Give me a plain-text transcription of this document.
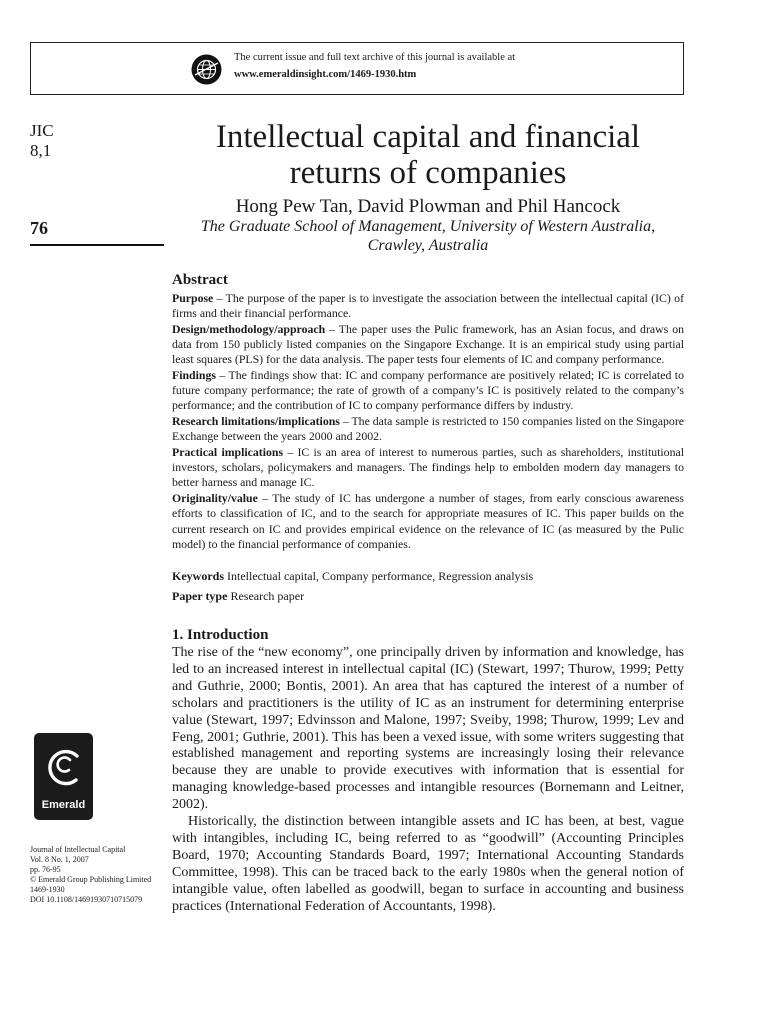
The current issue and full text archive of this journal is available at
www.emeraldinsight.com/1469-1930.htm
JIC
8,1
76
Intellectual capital and financial
returns of companies
Hong Pew Tan, David Plowman and Phil Hancock
The Graduate School of Management, University of Western Australia,
Crawley, Australia
Abstract

Purpose – The purpose of the paper is to investigate the association between the intellectual capital (IC) of firms and their financial performance.

Design/methodology/approach – The paper uses the Pulic framework, has an Asian focus, and draws on data from 150 publicly listed companies on the Singapore Exchange. It is an empirical study using partial least squares (PLS) for the data analysis. The paper tests four elements of IC and company performance.

Findings – The findings show that: IC and company performance are positively related; IC is correlated to future company performance; the rate of growth of a company’s IC is positively related to the company’s performance; and the contribution of IC to company performance differs by industry.

Research limitations/implications – The data sample is restricted to 150 companies listed on the Singapore Exchange between the years 2000 and 2002.

Practical implications – IC is an area of interest to numerous parties, such as shareholders, institutional investors, scholars, policymakers and managers. The findings help to embolden modern day managers to better harness and manage IC.

Originality/value – The study of IC has undergone a number of stages, from early conscious awareness efforts to classification of IC, and to the search for appropriate measures of IC. This paper builds on the current research on IC and provides empirical evidence on the relevance of IC (as measured by the Pulic model) to the financial performance of companies.

Keywords Intellectual capital, Company performance, Regression analysis
Paper type Research paper
1. Introduction

The rise of the “new economy”, one principally driven by information and knowledge, has led to an increased interest in intellectual capital (IC) (Stewart, 1997; Thurow, 1999; Petty and Guthrie, 2000; Bontis, 2001). An area that has captured the interest of a number of scholars and practitioners is the utility of IC as an instrument for determining enterprise value (Stewart, 1997; Edvinsson and Malone, 1997; Sveiby, 1998; Thurow, 1999; Lev and Feng, 2001; Guthrie, 2001). This has been a vexed issue, with some writers suggesting that established management and reporting systems are increasingly losing their relevance because they are unable to provide executives with information that is essential for managing knowledge-based processes and intangible resources (Bornemann and Leitner, 2002).

Historically, the distinction between intangible assets and IC has been, at best, vague with intangibles, including IC, being referred to as “goodwill” (Accounting Principles Board, 1970; Accounting Standards Board, 1997; International Accounting Standards Committee, 1998). This can be traced back to the early 1980s when the general notion of intangible value, often labelled as goodwill, began to surface in accounting and business practices (International Federation of Accountants, 1998).

Emerald
Journal of Intellectual Capital
Vol. 8 No. 1, 2007
pp. 76-95
© Emerald Group Publishing Limited
1469-1930
DOI 10.1108/14691930710715079
